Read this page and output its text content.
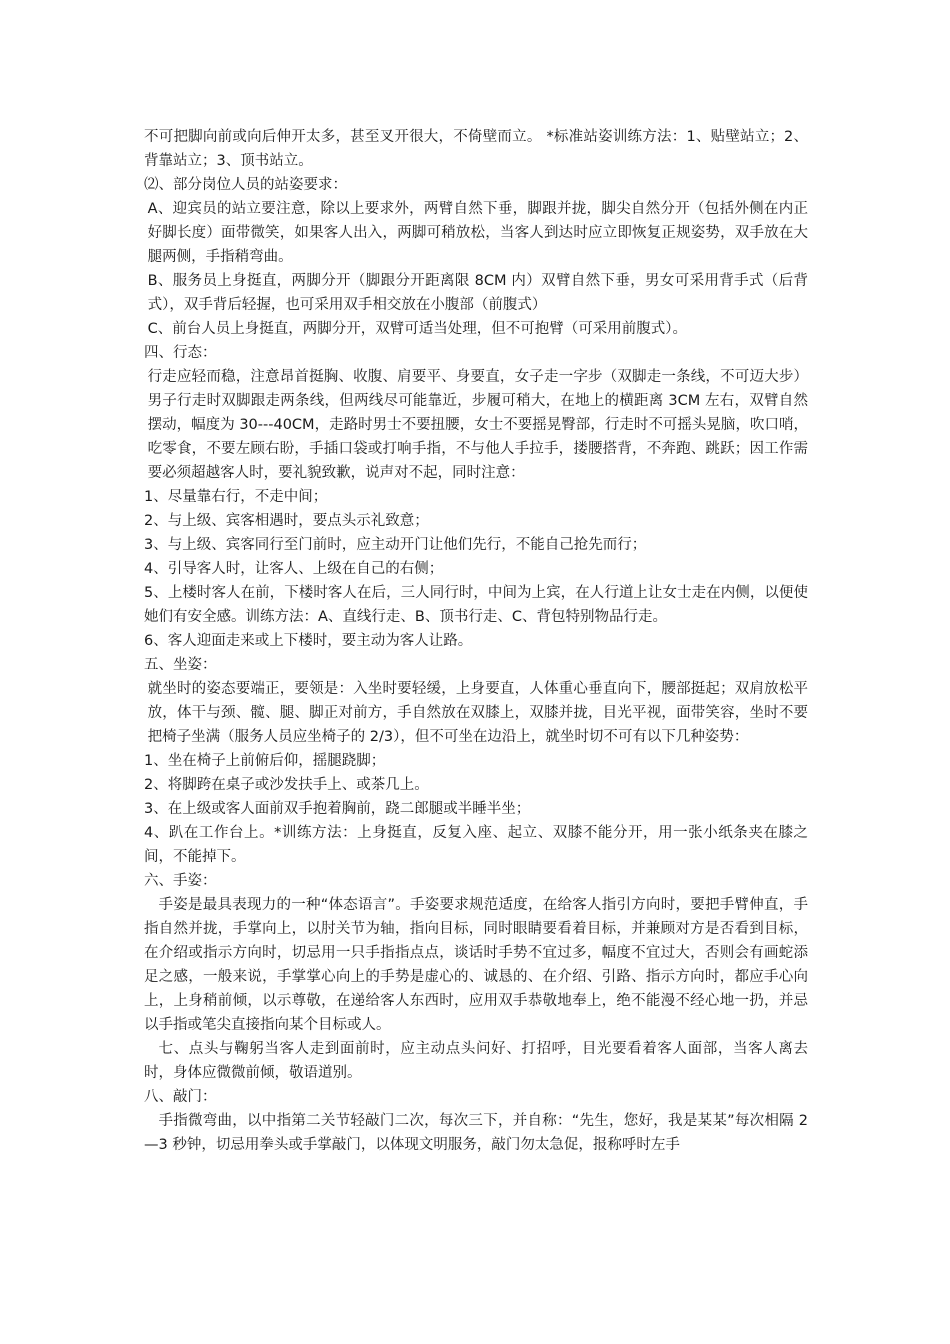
不可把脚向前或向后伸开太多，甚至叉开很大，不倚壁而立。 *标准站姿训练方法：1、贴壁站立；2、背靠站立；3、顶书站立。

⑵、部分岗位人员的站姿要求：

A、迎宾员的站立要注意，除以上要求外，两臂自然下垂，脚跟并拢，脚尖自然分开（包括外侧在内正好脚长度）面带微笑，如果客人出入，两脚可稍放松，当客人到达时应立即恢复正规姿势，双手放在大腿两侧，手指稍弯曲。

B、服务员上身挺直，两脚分开（脚跟分开距离限 8CM 内）双臂自然下垂，男女可采用背手式（后背式），双手背后轻握，也可采用双手相交放在小腹部（前腹式）

C、前台人员上身挺直，两脚分开，双臂可适当处理，但不可抱臂（可采用前腹式）。

四、行态：

行走应轻而稳，注意昂首挺胸、收腹、肩要平、身要直，女子走一字步（双脚走一条线，不可迈大步）男子行走时双脚跟走两条线，但两线尽可能靠近，步履可稍大，在地上的横距离 3CM 左右，双臂自然摆动，幅度为 30---40CM，走路时男士不要扭腰，女士不要摇晃臀部，行走时不可摇头晃脑，吹口哨，吃零食，不要左顾右盼，手插口袋或打响手指，不与他人手拉手，搂腰搭背，不奔跑、跳跃；因工作需要必须超越客人时，要礼貌致歉，说声对不起，同时注意：

1、尽量靠右行，不走中间；

2、与上级、宾客相遇时，要点头示礼致意；

3、与上级、宾客同行至门前时，应主动开门让他们先行，不能自己抢先而行；

4、引导客人时，让客人、上级在自己的右侧；

5、上楼时客人在前，下楼时客人在后，三人同行时，中间为上宾，在人行道上让女士走在内侧，以便使她们有安全感。训练方法：A、直线行走、B、顶书行走、C、背包特别物品行走。

6、客人迎面走来或上下楼时，要主动为客人让路。

五、坐姿：

就坐时的姿态要端正，要领是：入坐时要轻缓，上身要直，人体重心垂直向下，腰部挺起；双肩放松平放，体干与颈、髋、腿、脚正对前方，手自然放在双膝上，双膝并拢，目光平视，面带笑容，坐时不要把椅子坐满（服务人员应坐椅子的 2/3），但不可坐在边沿上，就坐时切不可有以下几种姿势：

1、坐在椅子上前俯后仰，摇腿跷脚；

2、将脚跨在桌子或沙发扶手上、或茶几上。

3、在上级或客人面前双手抱着胸前，跷二郎腿或半睡半坐；

4、趴在工作台上。*训练方法：上身挺直，反复入座、起立、双膝不能分开，用一张小纸条夹在膝之间，不能掉下。

六、手姿：

手姿是最具表现力的一种“体态语言”。手姿要求规范适度，在给客人指引方向时，要把手臂伸直，手指自然并拢，手掌向上，以肘关节为轴，指向目标，同时眼睛要看着目标，并兼顾对方是否看到目标，在介绍或指示方向时，切忌用一只手指指点点，谈话时手势不宜过多，幅度不宜过大，否则会有画蛇添足之感，一般来说，手掌掌心向上的手势是虚心的、诚恳的、在介绍、引路、指示方向时，都应手心向上，上身稍前倾，以示尊敬，在递给客人东西时，应用双手恭敬地奉上，绝不能漫不经心地一扔，并忌以手指或笔尖直接指向某个目标或人。

七、点头与鞠躬当客人走到面前时，应主动点头问好、打招呼，目光要看着客人面部，当客人离去时，身体应微微前倾，敬语道别。

八、敲门：

手指微弯曲，以中指第二关节轻敲门二次，每次三下，并自称：“先生，您好，我是某某”每次相隔 2—3 秒钟，切忌用拳头或手掌敲门，以体现文明服务，敲门勿太急促，报称呼时左手
